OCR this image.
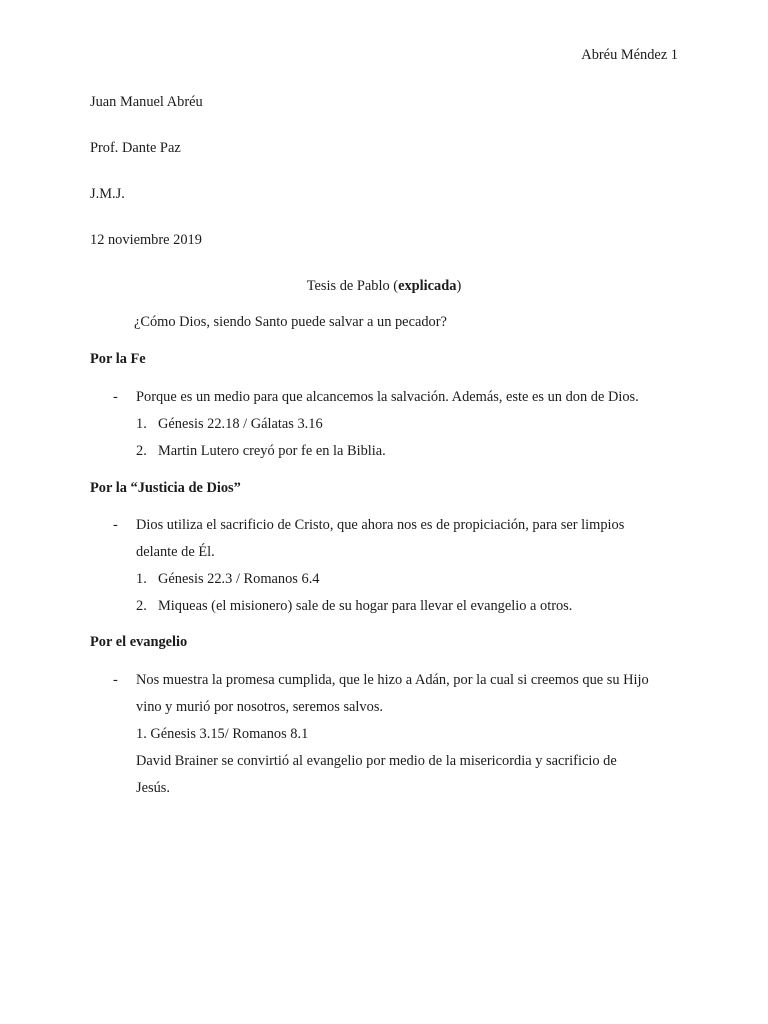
Abréu Méndez 1
Juan Manuel Abréu
Prof. Dante Paz
J.M.J.
12 noviembre 2019
Tesis de Pablo (explicada)
¿Cómo Dios, siendo Santo puede salvar a un pecador?
Por la Fe
- Porque es un medio para que alcancemos la salvación. Además, este es un don de Dios.
1. Génesis 22.18 / Gálatas 3.16
2. Martin Lutero creyó por fe en la Biblia.
Por la “Justicia de Dios”
- Dios utiliza el sacrificio de Cristo, que ahora nos es de propiciación, para ser limpios
delante de Él.
1. Génesis 22.3 / Romanos 6.4
2. Miqueas (el misionero) sale de su hogar para llevar el evangelio a otros.
Por el evangelio
- Nos muestra la promesa cumplida, que le hizo a Adán, por la cual si creemos que su Hijo
vino y murió por nosotros, seremos salvos.
1. Génesis 3.15/ Romanos 8.1
David Brainer se convirtió al evangelio por medio de la misericordia y sacrificio de
Jesús.
